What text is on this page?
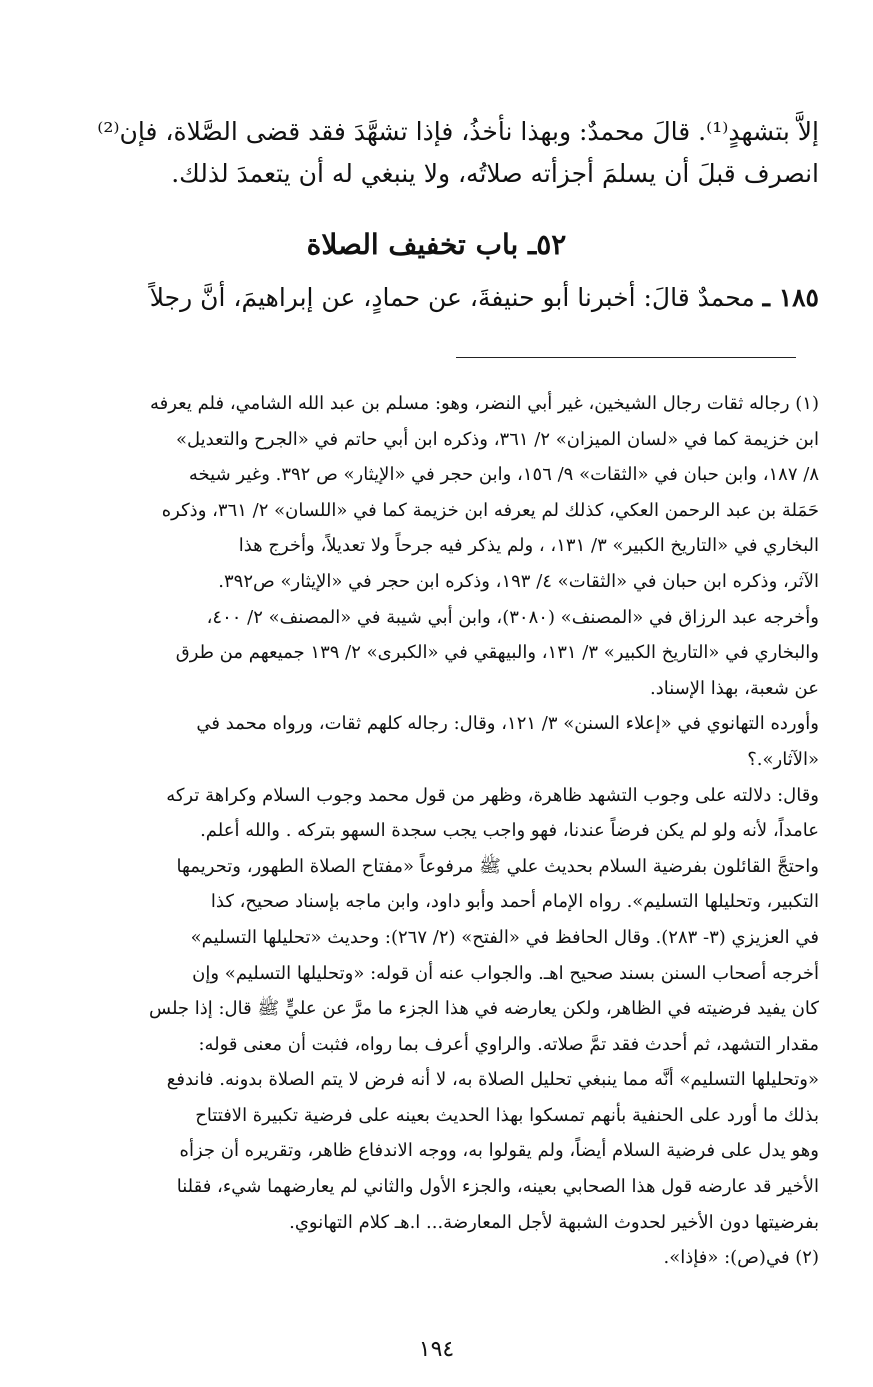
إلاَّ بتشهدٍ⁽¹⁾. قالَ محمدٌ: وبهذا نأخذُ، فإذا تشهَّدَ فقد قضى الصَّلاة، فإن⁽²⁾
انصرف قبلَ أن يسلمَ أجزأته صلاتُه، ولا ينبغي له أن يتعمدَ لذلك.
٥٢ـ باب تخفيف الصلاة
١٨٥ ـ محمدٌ قالَ: أخبرنا أبو حنيفةَ، عن حمادٍ، عن إبراهيمَ، أنَّ رجلاً
(١) رجاله ثقات رجال الشيخين، غير أبي النضر، وهو: مسلم بن عبد الله الشامي، فلم يعرفه
ابن خزيمة كما في «لسان الميزان» ٢/ ٣٦١، وذكره ابن أبي حاتم في «الجرح والتعديل»
٨/ ١٨٧، وابن حبان في «الثقات» ٩/ ١٥٦، وابن حجر في «الإيثار» ص ٣٩٢. وغير شيخه
حَمَلة بن عبد الرحمن العكي، كذلك لم يعرفه ابن خزيمة كما في «اللسان» ٢/ ٣٦١، وذكره
البخاري في «التاريخ الكبير» ٣/ ١٣١، ، ولم يذكر فيه جرحاً ولا تعديلاً، وأخرج هذا
الآثر، وذكره ابن حبان في «الثقات» ٤/ ١٩٣، وذكره ابن حجر في «الإيثار» ص٣٩٢.
وأخرجه عبد الرزاق في «المصنف» (٣٠٨٠)، وابن أبي شيبة في «المصنف» ٢/ ٤٠٠،
والبخاري في «التاريخ الكبير» ٣/ ١٣١، والبيهقي في «الكبرى» ٢/ ١٣٩ جميعهم من طرق
عن شعبة، بهذا الإسناد.
وأورده التهانوي في «إعلاء السنن» ٣/ ١٢١، وقال: رجاله كلهم ثقات، ورواه محمد في
«الآثار».؟
وقال: دلالته على وجوب التشهد ظاهرة، وظهر من قول محمد وجوب السلام وكراهة تركه
عامداً، لأنه ولو لم يكن فرضاً عندنا، فهو واجب يجب سجدة السهو بتركه . والله أعلم.
واحتجَّ القائلون بفرضية السلام بحديث علي ﷺ مرفوعاً «مفتاح الصلاة الطهور، وتحريمها
التكبير، وتحليلها التسليم». رواه الإمام أحمد وأبو داود، وابن ماجه بإسناد صحيح، كذا
في العزيزي (٣- ٢٨٣). وقال الحافظ في «الفتح» (٢/ ٢٦٧): وحديث «تحليلها التسليم»
أخرجه أصحاب السنن بسند صحيح اهـ. والجواب عنه أن قوله: «وتحليلها التسليم» وإن
كان يفيد فرضيته في الظاهر، ولكن يعارضه في هذا الجزء ما مرَّ عن عليٍّ ﷺ قال: إذا جلس
مقدار التشهد، ثم أحدث فقد تمَّ صلاته. والراوي أعرف بما رواه، فثبت أن معنى قوله:
«وتحليلها التسليم» أنَّه مما ينبغي تحليل الصلاة به، لا أنه فرض لا يتم الصلاة بدونه. فاندفع
بذلك ما أورد على الحنفية بأنهم تمسكوا بهذا الحديث بعينه على فرضية تكبيرة الافتتاح
وهو يدل على فرضية السلام أيضاً، ولم يقولوا به، ووجه الاندفاع ظاهر، وتقريره أن جزأه
الأخير قد عارضه قول هذا الصحابي بعينه، والجزء الأول والثاني لم يعارضهما شيء، فقلنا
بفرضيتها دون الأخير لحدوث الشبهة لأجل المعارضة... ا.هـ كلام التهانوي.
(٢) في(ص): «فإذا».
١٩٤
